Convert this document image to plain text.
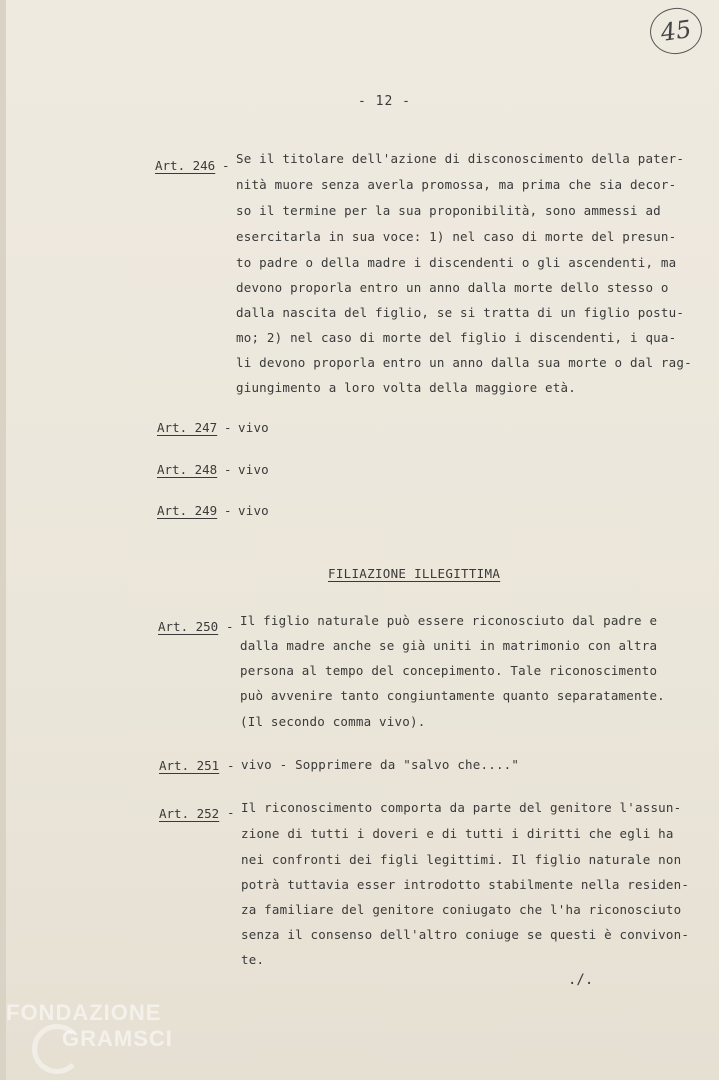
45
- 12 -
Art. 246 - Se il titolare dell'azione di disconoscimento della pater-
nità muore senza averla promossa, ma prima che sia decor-
so il termine per la sua proponibilità, sono ammessi ad
esercitarla in sua voce: 1) nel caso di morte del presun-
to padre o della madre i discendenti o gli ascendenti, ma
devono proporla entro un anno dalla morte dello stesso o
dalla nascita del figlio, se si tratta di un figlio postu-
mo; 2) nel caso di morte del figlio i discendenti, i qua-
li devono proporla entro un anno dalla sua morte o dal rag-
giungimento a loro volta della maggiore età.
Art. 247 - vivo
Art. 248 - vivo
Art. 249 - vivo
FILIAZIONE ILLEGITTIMA
Art. 250 - Il figlio naturale può essere riconosciuto dal padre e
dalla madre anche se già uniti in matrimonio con altra
persona al tempo del concepimento. Tale riconoscimento
può avvenire tanto congiuntamente quanto separatamente.
(Il secondo comma vivo).
Art. 251 - vivo - Sopprimere da "salvo che...."
Art. 252 - Il riconoscimento comporta da parte del genitore l'assun-
zione di tutti i doveri e di tutti i diritti che egli ha
nei confronti dei figli legittimi. Il figlio naturale non
potrà tuttavia esser introdotto stabilmente nella residen-
za familiare del genitore coniugato che l'ha riconosciuto
senza il consenso dell'altro coniuge se questi è convivon-
te.
./.
FONDAZIONE
GRAMSCI
